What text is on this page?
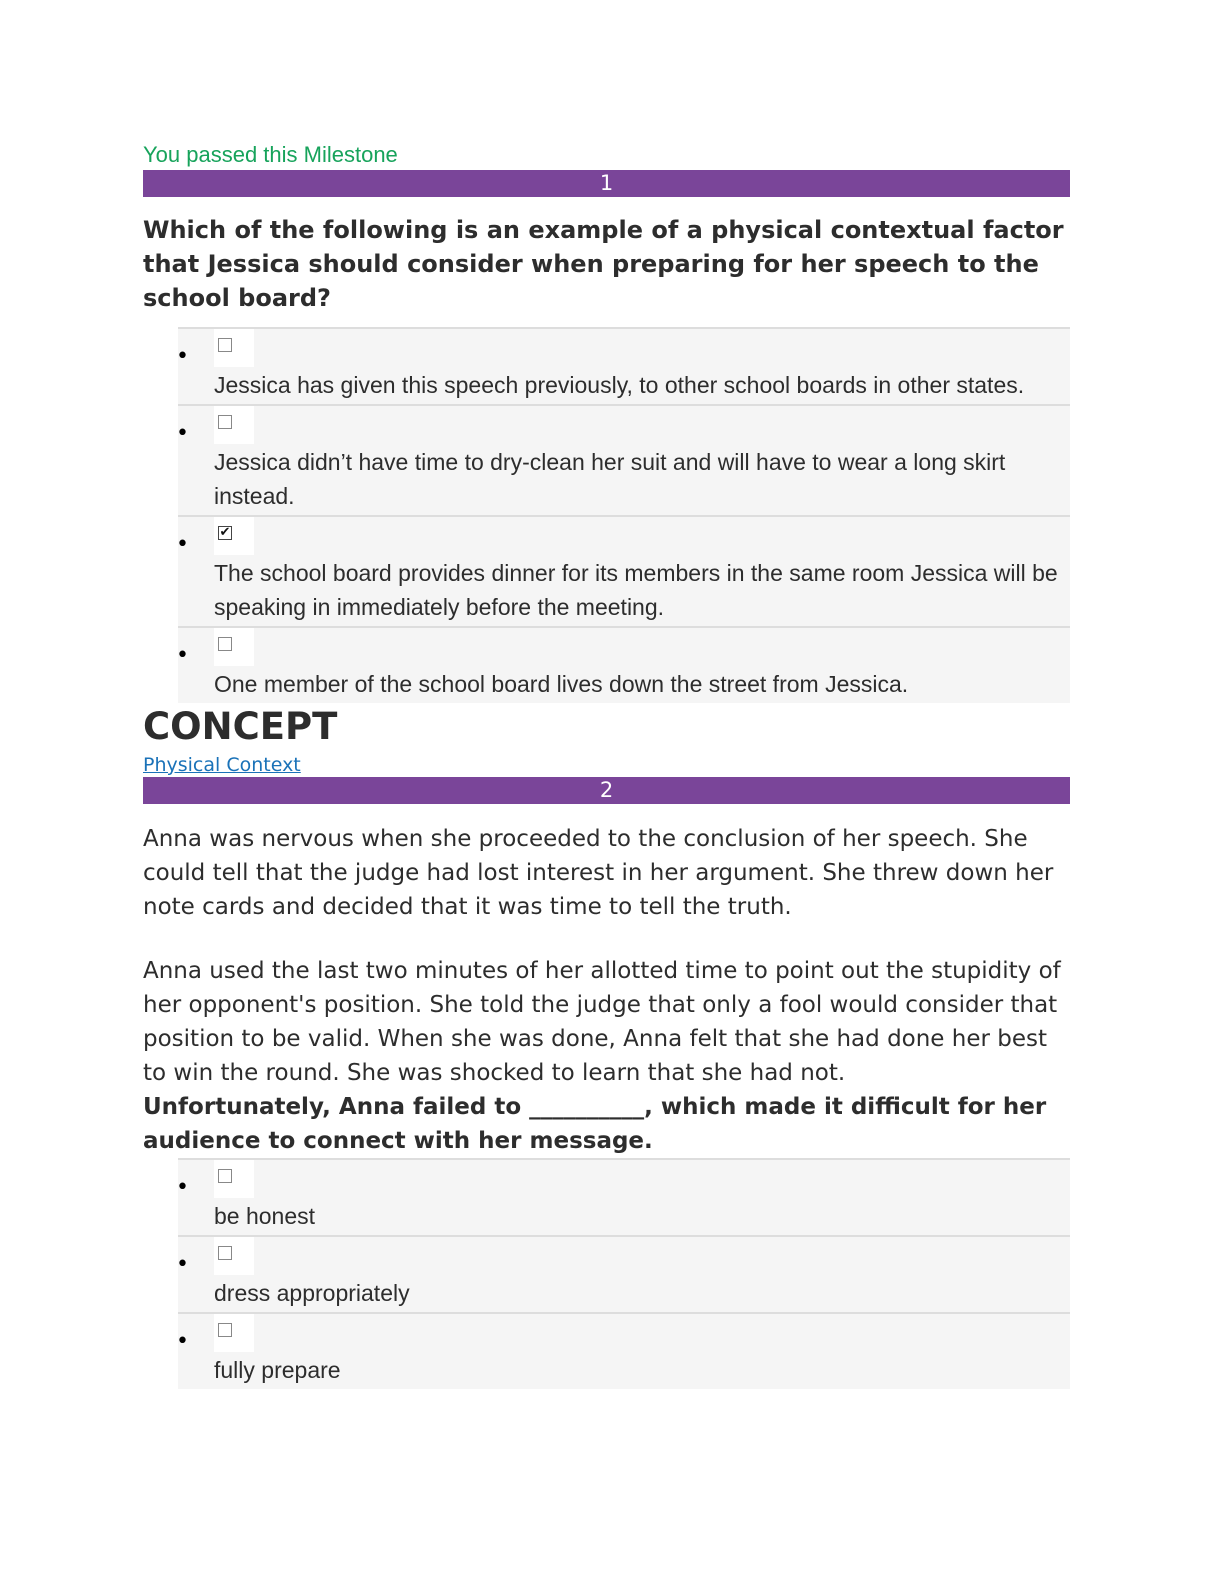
You passed this Milestone
1
Which of the following is an example of a physical contextual factor that Jessica should consider when preparing for her speech to the school board?
•
Jessica has given this speech previously, to other school boards in other states.
•
Jessica didn’t have time to dry-clean her suit and will have to wear a long skirt instead.
• ✔
The school board provides dinner for its members in the same room Jessica will be speaking in immediately before the meeting.
•
One member of the school board lives down the street from Jessica.
CONCEPT
Physical Context
2
Anna was nervous when she proceeded to the conclusion of her speech. She could tell that the judge had lost interest in her argument. She threw down her note cards and decided that it was time to tell the truth.
Anna used the last two minutes of her allotted time to point out the stupidity of her opponent's position. She told the judge that only a fool would consider that position to be valid. When she was done, Anna felt that she had done her best to win the round. She was shocked to learn that she had not.
Unfortunately, Anna failed to __________, which made it difficult for her audience to connect with her message.
•
be honest
•
dress appropriately
•
fully prepare
